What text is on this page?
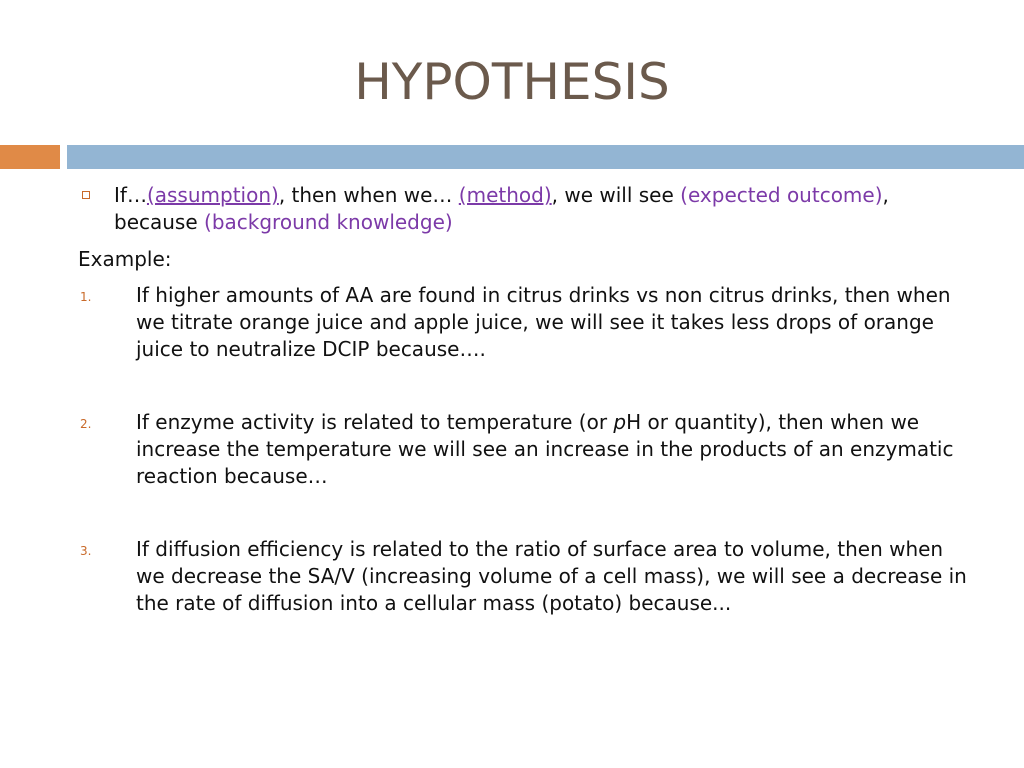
HYPOTHESIS
If…(assumption), then when we… (method), we will see (expected outcome), because (background knowledge)
Example:
1. If higher amounts of AA are found in citrus drinks vs non citrus drinks, then when we titrate orange juice and apple juice, we will see it takes less drops of orange juice to neutralize DCIP because….
2. If enzyme activity is related to temperature (or pH or quantity), then when we increase the temperature we will see an increase in the products of an enzymatic reaction because…
3. If diffusion efficiency is related to the ratio of surface area to volume, then when we decrease the SA/V (increasing volume of a cell mass), we will see a decrease in the rate of diffusion into a cellular mass (potato) because...
